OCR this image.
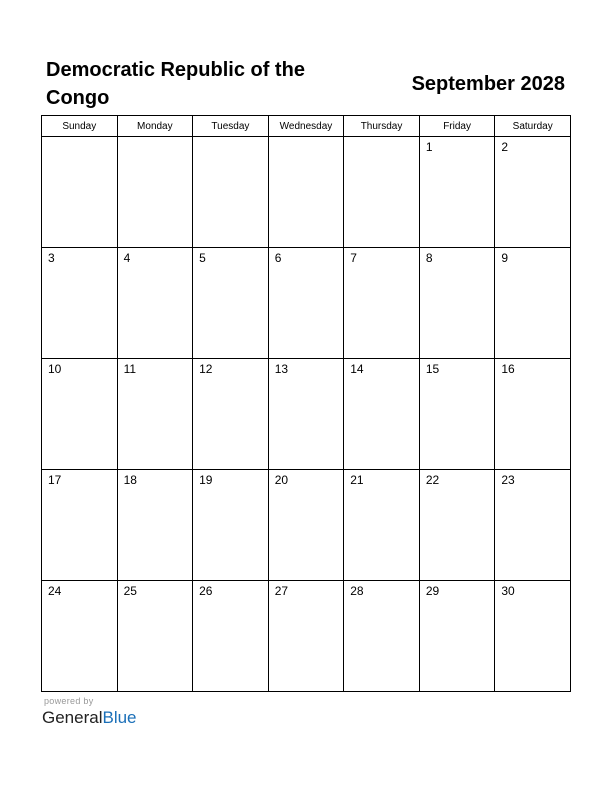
Democratic Republic of the Congo
September 2028
Sunday	Monday	Tuesday	Wednesday	Thursday	Friday	Saturday

					1	2

3	4	5	6	7	8	9

10	11	12	13	14	15	16

17	18	19	20	21	22	23

24	25	26	27	28	29	30
powered by
GeneralBlue
